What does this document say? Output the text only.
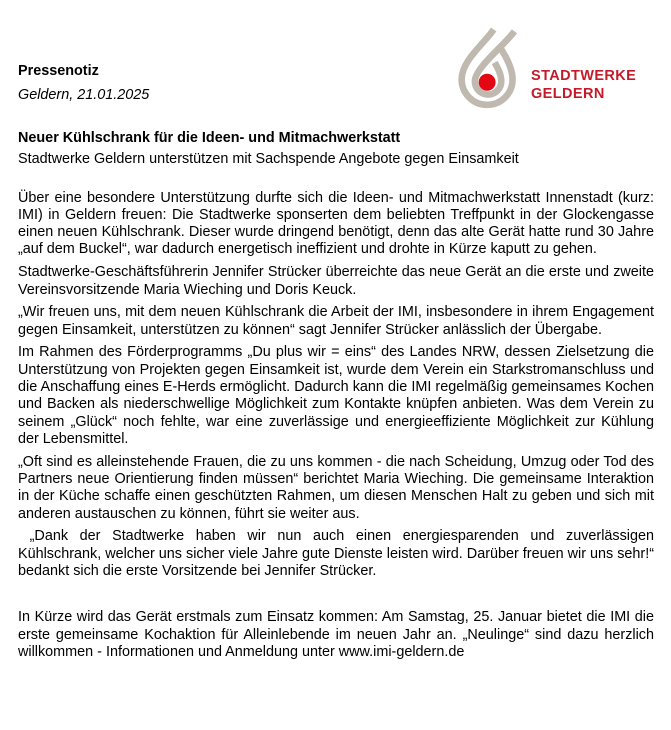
Pressenotiz

Geldern, 21.01.2025

STADTWERKE
GELDERN
Neuer Kühlschrank für die Ideen- und Mitmachwerkstatt

Stadtwerke Geldern unterstützen mit Sachspende Angebote gegen Einsamkeit

Über eine besondere Unterstützung durfte sich die Ideen- und Mitmachwerkstatt Innenstadt (kurz: IMI) in Geldern freuen: Die Stadtwerke sponserten dem beliebten Treffpunkt in der Glockengasse einen neuen Kühlschrank. Dieser wurde dringend benötigt, denn das alte Gerät hatte rund 30 Jahre „auf dem Buckel“, war dadurch energetisch ineffizient und drohte in Kürze kaputt zu gehen.

Stadtwerke-Geschäftsführerin Jennifer Strücker überreichte das neue Gerät an die erste und zweite Vereinsvorsitzende Maria Wieching und Doris Keuck.

„Wir freuen uns, mit dem neuen Kühlschrank die Arbeit der IMI, insbesondere in ihrem Engagement gegen Einsamkeit, unterstützen zu können“ sagt Jennifer Strücker anlässlich der Übergabe.

Im Rahmen des Förderprogramms „Du plus wir = eins“ des Landes NRW, dessen Zielsetzung die Unterstützung von Projekten gegen Einsamkeit ist, wurde dem Verein ein Starkstromanschluss und die Anschaffung eines E-Herds ermöglicht. Dadurch kann die IMI regelmäßig gemeinsames Kochen und Backen als niederschwellige Möglichkeit zum Kontakte knüpfen anbieten. Was dem Verein zu seinem „Glück“ noch fehlte, war eine zuverlässige und energieeffiziente Möglichkeit zur Kühlung der Lebensmittel.

„Oft sind es alleinstehende Frauen, die zu uns kommen - die nach Scheidung, Umzug oder Tod des Partners neue Orientierung finden müssen“ berichtet Maria Wieching. Die gemeinsame Interaktion in der Küche schaffe einen geschützten Rahmen, um diesen Menschen Halt zu geben und sich mit anderen austauschen zu können, führt sie weiter aus.

„Dank der Stadtwerke haben wir nun auch einen energiesparenden und zuverlässigen Kühlschrank, welcher uns sicher viele Jahre gute Dienste leisten wird. Darüber freuen wir uns sehr!“ bedankt sich die erste Vorsitzende bei Jennifer Strücker.

In Kürze wird das Gerät erstmals zum Einsatz kommen: Am Samstag, 25. Januar bietet die IMI die erste gemeinsame Kochaktion für Alleinlebende im neuen Jahr an. „Neulinge“ sind dazu herzlich willkommen - Informationen und Anmeldung unter www.imi-geldern.de
